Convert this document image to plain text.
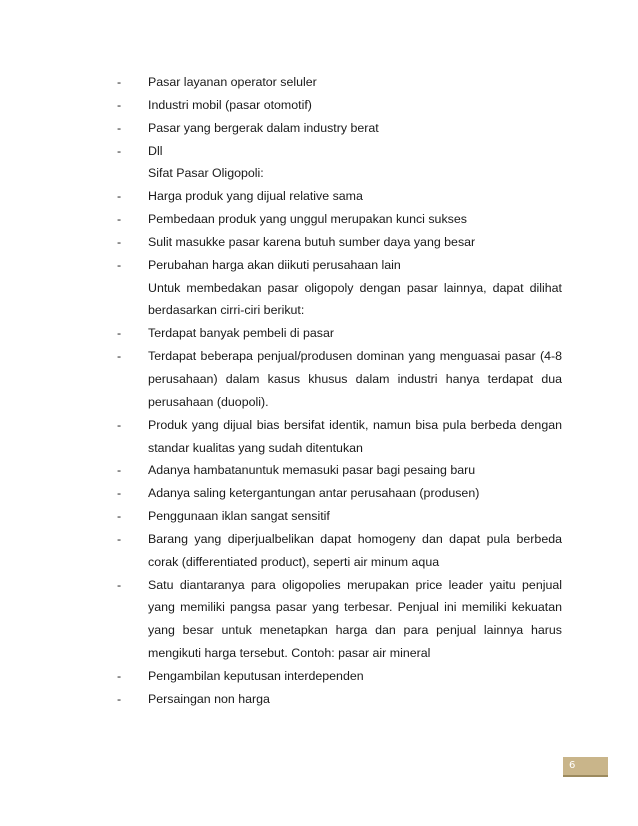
-	Pasar layanan operator seluler
-	Industri mobil (pasar otomotif)
-	Pasar yang bergerak dalam industry berat
-	Dll
Sifat Pasar Oligopoli:
-	Harga produk yang dijual relative sama
-	Pembedaan produk yang unggul merupakan kunci sukses
-	Sulit masukke pasar karena butuh sumber daya yang besar
-	Perubahan harga akan diikuti perusahaan lain
Untuk membedakan pasar oligopoly dengan pasar lainnya, dapat dilihat berdasarkan cirri-ciri berikut:
-	Terdapat banyak pembeli di pasar
-	Terdapat beberapa penjual/produsen dominan yang menguasai pasar (4-8 perusahaan) dalam kasus khusus dalam industri hanya terdapat dua perusahaan (duopoli).
-	Produk yang dijual bias bersifat identik, namun bisa pula berbeda dengan standar kualitas yang sudah ditentukan
-	Adanya hambatanuntuk memasuki pasar bagi pesaing baru
-	Adanya saling ketergantungan antar perusahaan (produsen)
-	Penggunaan iklan sangat sensitif
-	Barang yang diperjualbelikan dapat homogeny dan dapat pula berbeda corak (differentiated product), seperti air minum aqua
-	Satu diantaranya para oligopolies merupakan price leader yaitu penjual yang memiliki pangsa pasar yang terbesar. Penjual ini memiliki kekuatan yang besar untuk menetapkan harga dan para penjual lainnya harus mengikuti harga tersebut. Contoh: pasar air mineral
-	Pengambilan keputusan interdependen
-	Persaingan non harga
6
